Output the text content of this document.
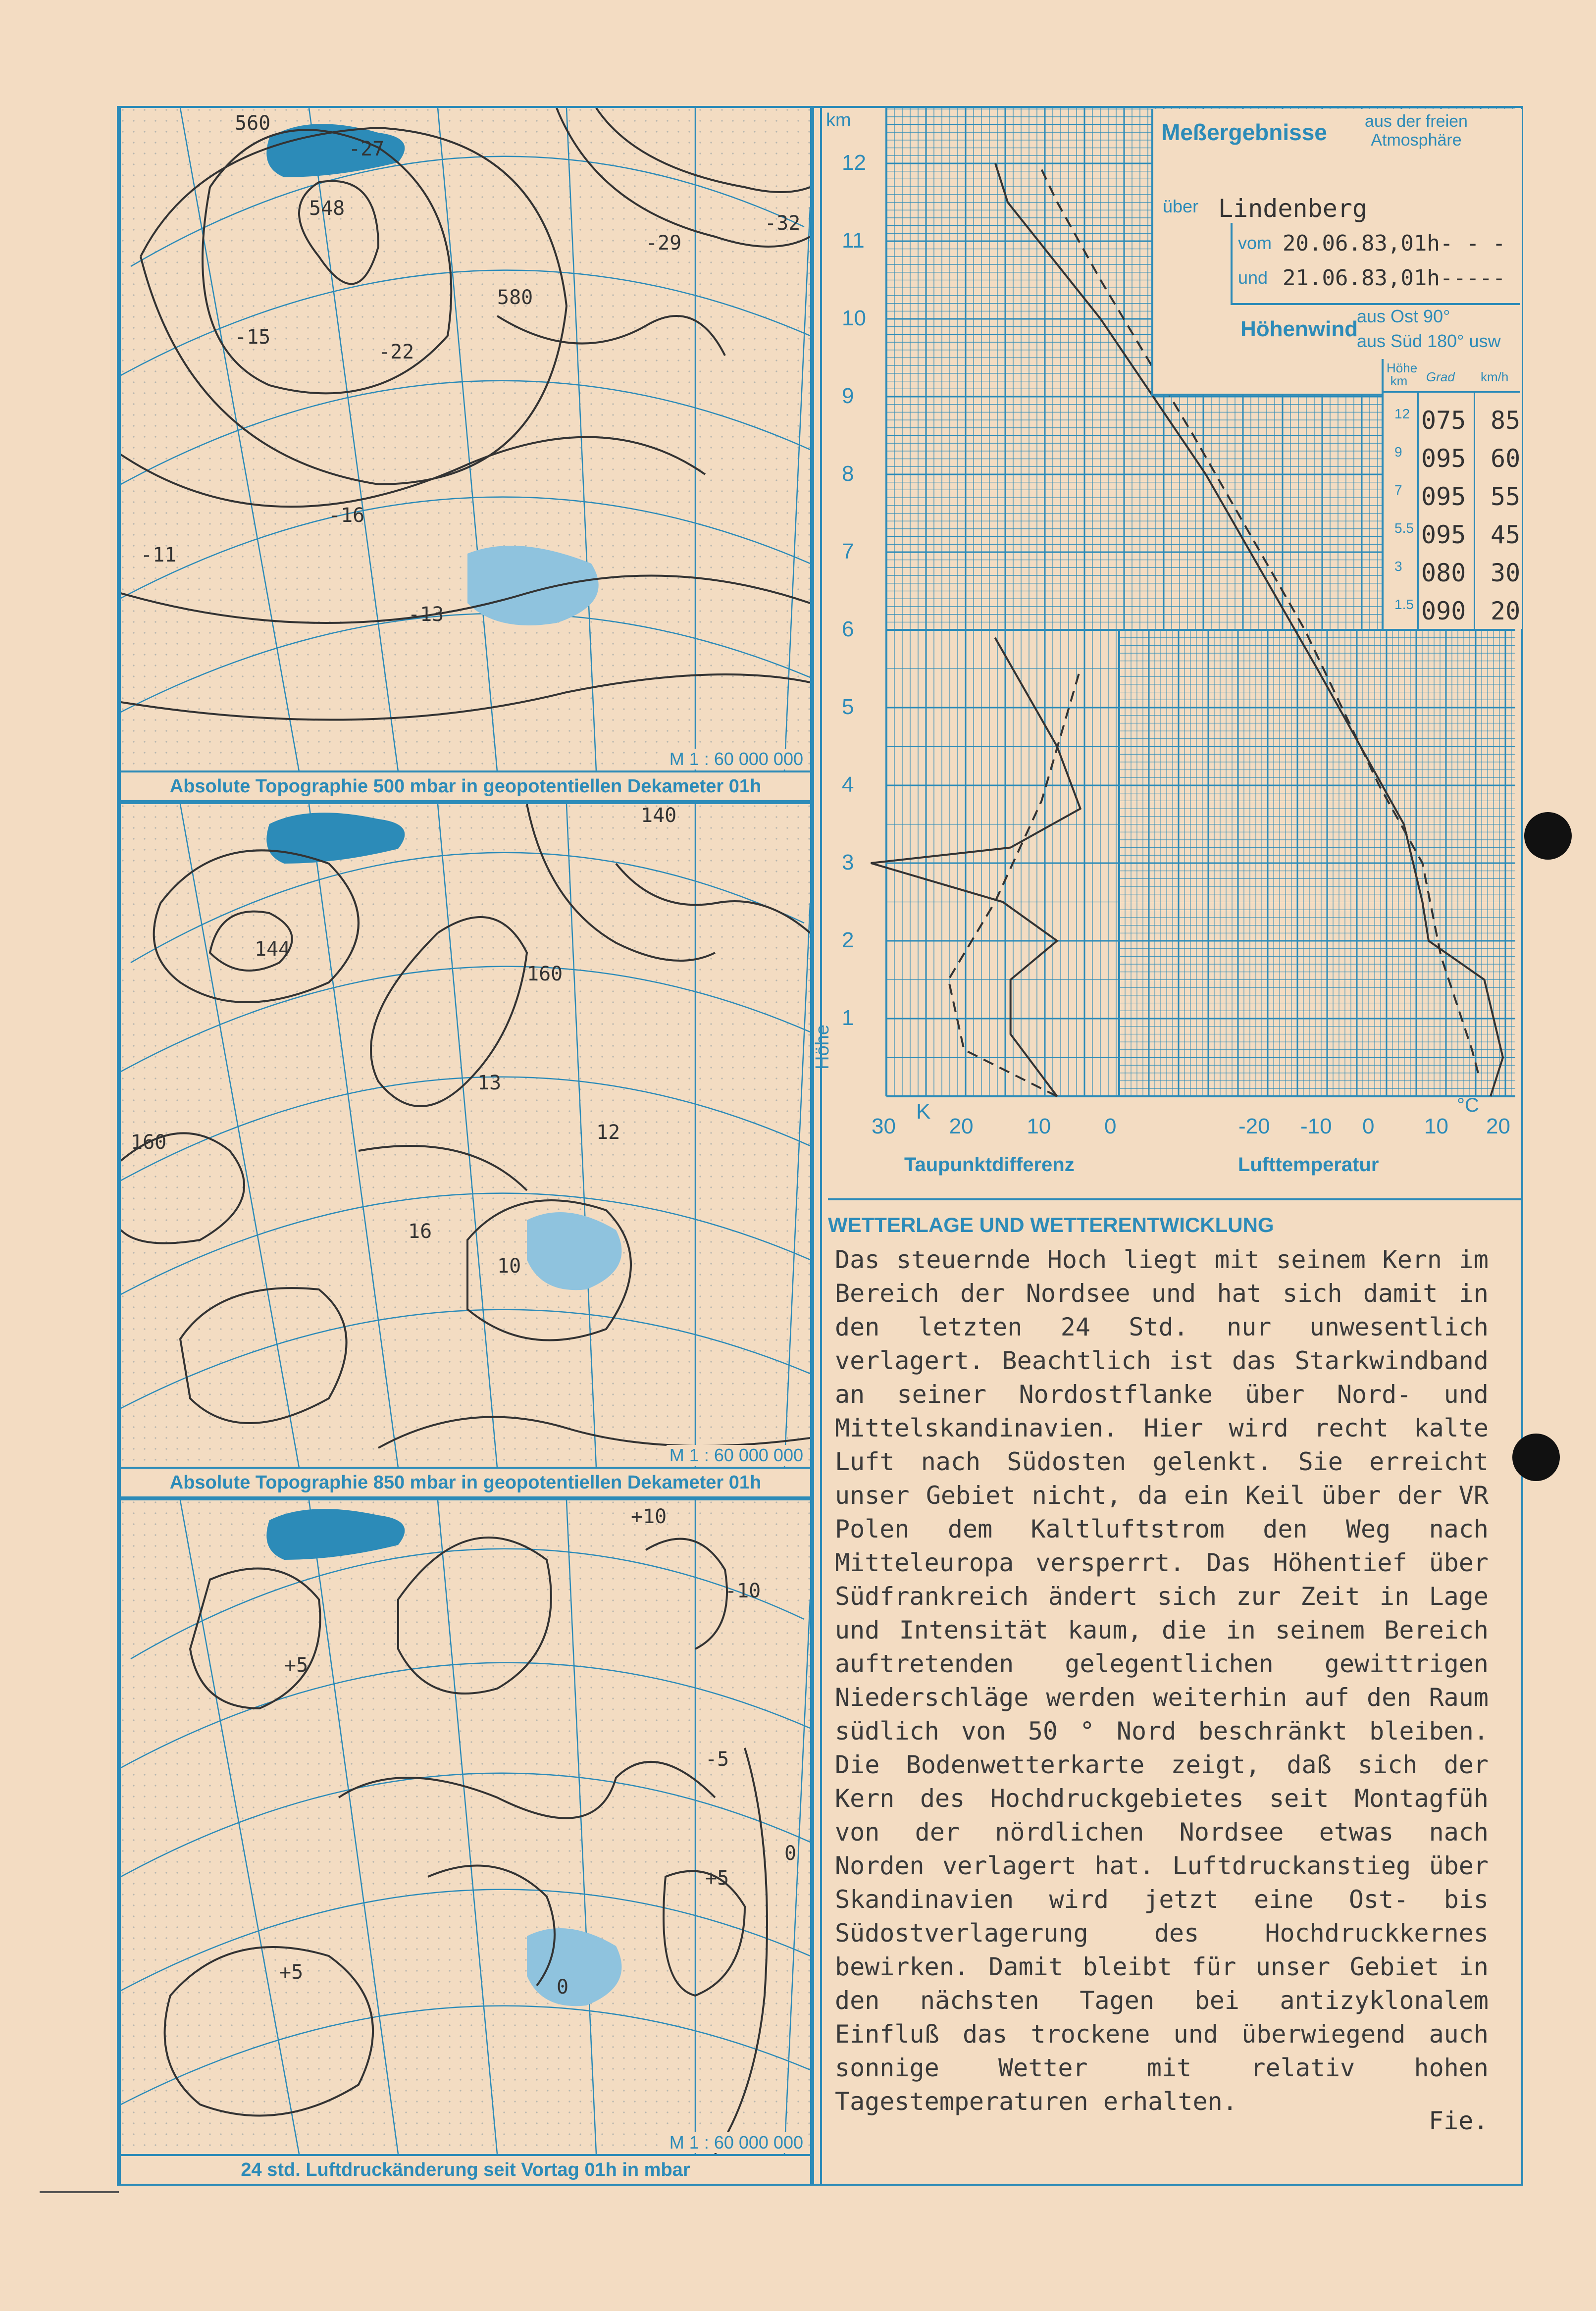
560
548
580
-15
-16
-13
-11
-22
-27
-29
-32
M 1 : 60 000 000
Absolute Topographie 500 mbar in geopotentiellen Dekameter 01h
144
140
160
160
13
10
12
16
M 1 : 60 000 000
Absolute Topographie 850 mbar in geopotentiellen Dekameter 01h
+5
+5
+5
-5
-10
0
0
+10
M 1 : 60 000 000
24 std. Luftdruckänderung seit Vortag 01h in mbar
Meßergebnisse	aus der freien Atmosphäre
über Lindenberg
vom 20.06.83,01h- - -
und 21.06.83,01h-----
Höhenwind
aus Ost 90°
aus Süd 180° usw
Höhe km Grad km/h
12 075 85
9 095 60
7 095 55
5.5 095 45
3 080 30
1.5 090 20
km
12
11
10
9
8
7
6
5
4
3
2
1
Höhe
30 20 10 0	-20 -10 0 10 20
K	°C
Taupunktdifferenz	Lufttemperatur
WETTERLAGE UND WETTERENTWICKLUNG
Das steuernde Hoch liegt mit seinem Kern im Bereich der Nordsee und hat sich damit in den letzten 24 Std. nur unwesentlich verlagert. Beachtlich ist das Starkwindband an seiner Nordostflanke über Nord- und Mittelskandinavien. Hier wird recht kalte Luft nach Südosten gelenkt. Sie erreicht unser Gebiet nicht, da ein Keil über der VR Polen dem Kaltluftstrom den Weg nach Mitteleuropa versperrt. Das Höhentief über Südfrankreich ändert sich zur Zeit in Lage und Intensität kaum, die in seinem Bereich auftretenden gelegentlichen gewittrigen Niederschläge werden weiterhin auf den Raum südlich von 50 ° Nord beschränkt bleiben. Die Bodenwetterkarte zeigt, daß sich der Kern des Hochdruckgebietes seit Montagfüh von der nördlichen Nordsee etwas nach Norden verlagert hat. Luftdruckanstieg über Skandinavien wird jetzt eine Ost- bis Südostverlagerung des Hochdruckkernes bewirken. Damit bleibt für unser Gebiet in den nächsten Tagen bei antizyklonalem Einfluß das trockene und überwiegend auch sonnige Wetter mit relativ hohen Tagestemperaturen erhalten.
Fie.
